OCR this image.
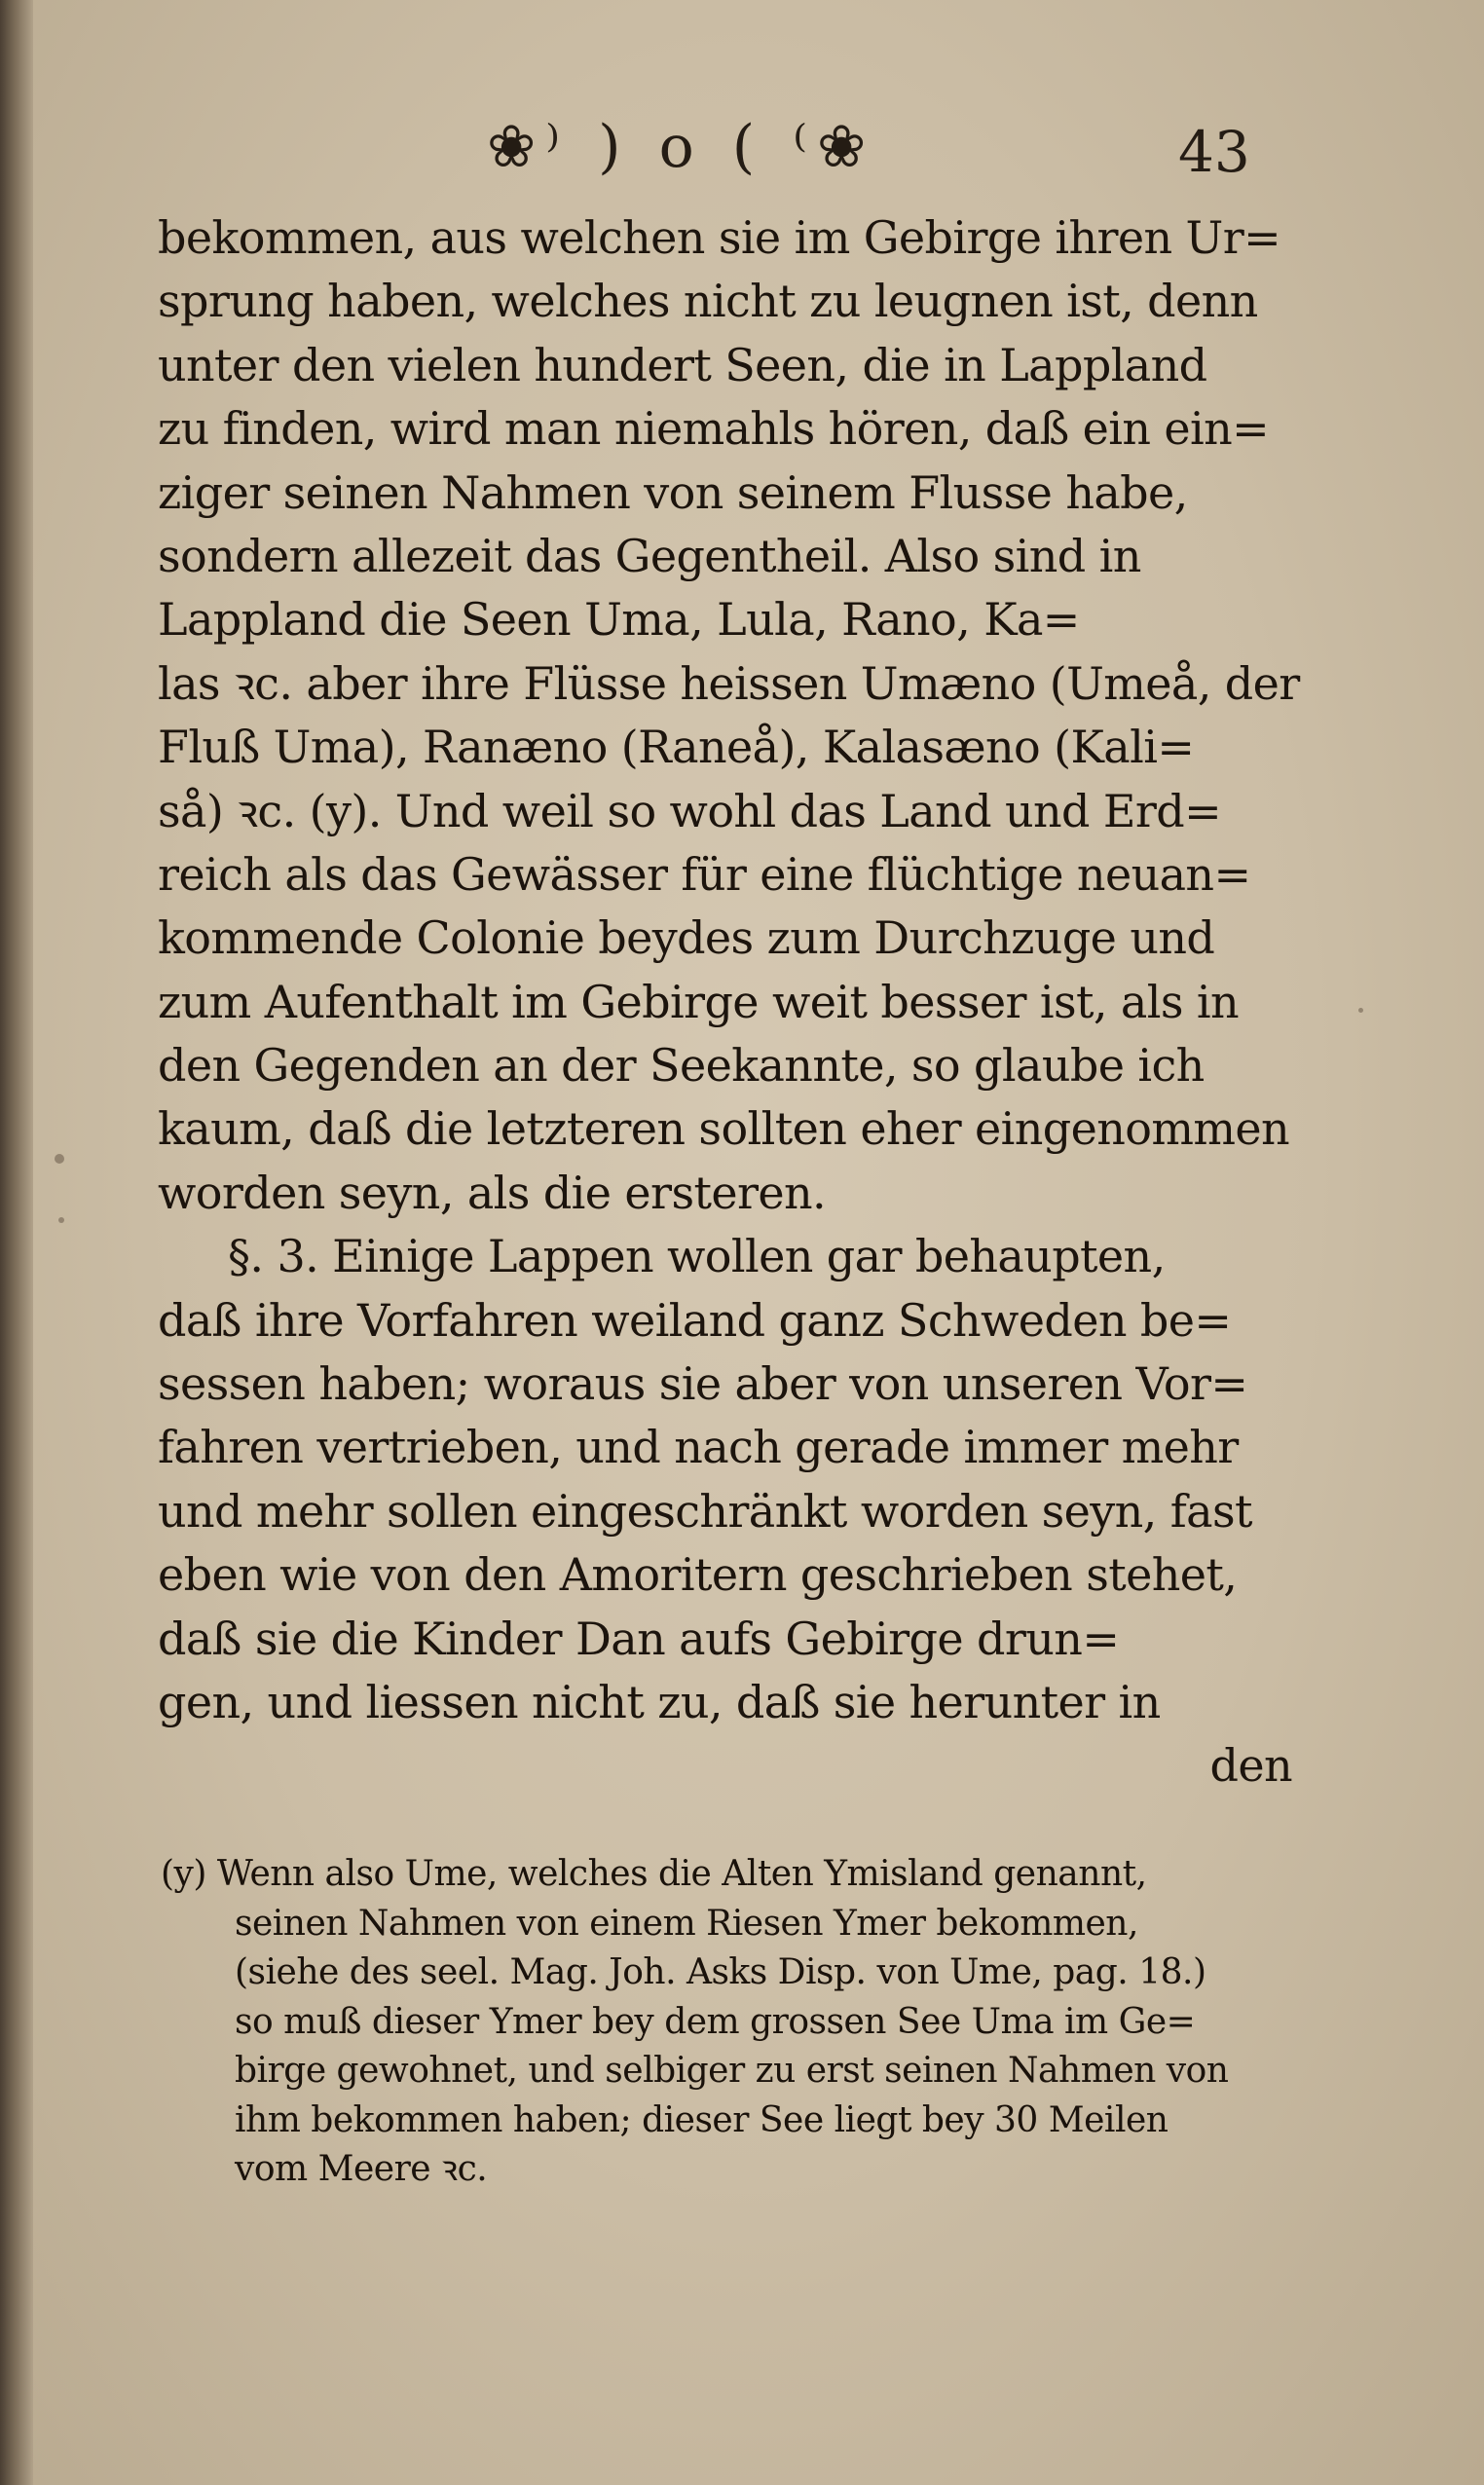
❀⁾ ) o ( ⁽❀	43
bekommen, aus welchen sie im Gebirge ihren Ur=
sprung haben, welches nicht zu leugnen ist, denn
unter den vielen hundert Seen, die in Lappland
zu finden, wird man niemahls hören, daß ein ein=
ziger seinen Nahmen von seinem Flusse habe,
sondern allezeit das Gegentheil. Also sind in
Lappland die Seen Uma, Lula, Rano, Ka=
las ꝛc. aber ihre Flüsse heissen Umæno (Umeå, der
Fluß Uma), Ranæno (Raneå), Kalasæno (Kali=
så) ꝛc. (y). Und weil so wohl das Land und Erd=
reich als das Gewässer für eine flüchtige neuan=
kommende Colonie beydes zum Durchzuge und
zum Aufenthalt im Gebirge weit besser ist, als in
den Gegenden an der Seekannte, so glaube ich
kaum, daß die letzteren sollten eher eingenommen
worden seyn, als die ersteren.
§. 3. Einige Lappen wollen gar behaupten,
daß ihre Vorfahren weiland ganz Schweden be=
sessen haben; woraus sie aber von unseren Vor=
fahren vertrieben, und nach gerade immer mehr
und mehr sollen eingeschränkt worden seyn, fast
eben wie von den Amoritern geschrieben stehet,
daß sie die Kinder Dan aufs Gebirge drun=
gen, und liessen nicht zu, daß sie herunter in
den
(y) Wenn also Ume, welches die Alten Ymisland genannt,
seinen Nahmen von einem Riesen Ymer bekommen,
(siehe des seel. Mag. Joh. Asks Disp. von Ume, pag. 18.)
so muß dieser Ymer bey dem grossen See Uma im Ge=
birge gewohnet, und selbiger zu erst seinen Nahmen von
ihm bekommen haben; dieser See liegt bey 30 Meilen
vom Meere ꝛc.
